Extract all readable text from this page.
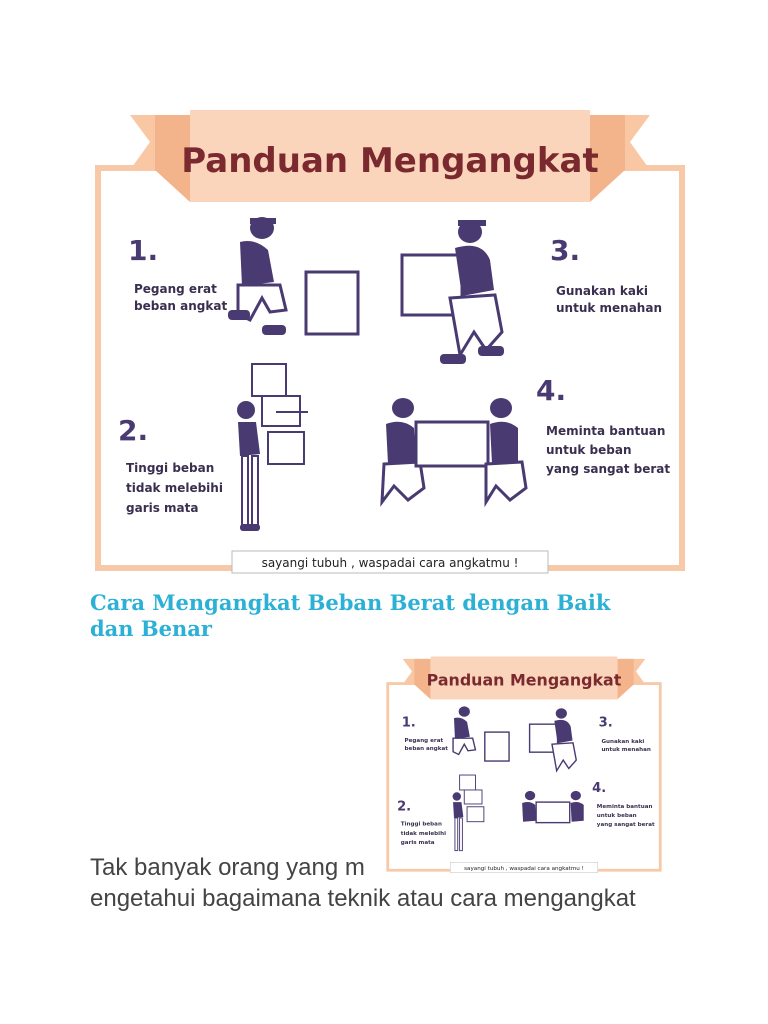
Panduan Mengangkat
1.
Pegang erat
beban angkat
3.
Gunakan kaki
untuk menahan
2.
Tinggi beban
tidak melebihi
garis mata
4.
Meminta bantuan
untuk beban
yang sangat berat
sayangi tubuh , waspadai cara angkatmu !
Cara Mengangkat Beban Berat dengan Baik dan Benar
Panduan Mengangkat
1.
Pegang erat
beban angkat
3.
Gunakan kaki
untuk menahan
2.
Tinggi beban
tidak melebihi
garis mata
4.
Meminta bantuan
untuk beban
yang sangat berat
sayangi tubuh , waspadai cara angkatmu !
Tak banyak orang yang m
engetahui bagaimana teknik atau cara mengangkat
